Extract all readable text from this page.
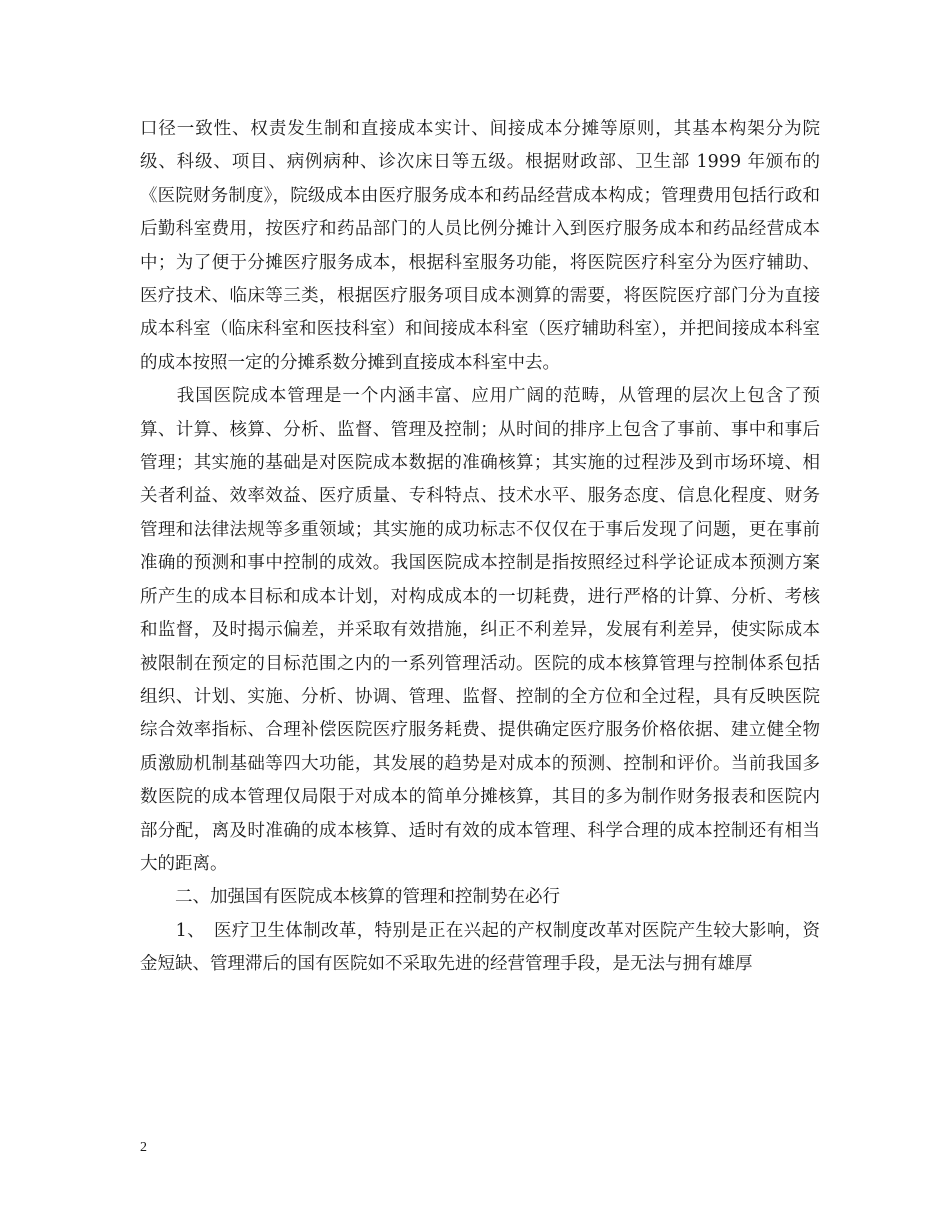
口径一致性、权责发生制和直接成本实计、间接成本分摊等原则，其基本构架分为院级、科级、项目、病例病种、诊次床日等五级。根据财政部、卫生部 1999 年颁布的《医院财务制度》，院级成本由医疗服务成本和药品经营成本构成；管理费用包括行政和后勤科室费用，按医疗和药品部门的人员比例分摊计入到医疗服务成本和药品经营成本中；为了便于分摊医疗服务成本，根据科室服务功能，将医院医疗科室分为医疗辅助、医疗技术、临床等三类，根据医疗服务项目成本测算的需要，将医院医疗部门分为直接成本科室（临床科室和医技科室）和间接成本科室（医疗辅助科室），并把间接成本科室的成本按照一定的分摊系数分摊到直接成本科室中去。

　　我国医院成本管理是一个内涵丰富、应用广阔的范畴，从管理的层次上包含了预算、计算、核算、分析、监督、管理及控制；从时间的排序上包含了事前、事中和事后管理；其实施的基础是对医院成本数据的准确核算；其实施的过程涉及到市场环境、相关者利益、效率效益、医疗质量、专科特点、技术水平、服务态度、信息化程度、财务管理和法律法规等多重领域；其实施的成功标志不仅仅在于事后发现了问题，更在事前准确的预测和事中控制的成效。我国医院成本控制是指按照经过科学论证成本预测方案所产生的成本目标和成本计划，对构成成本的一切耗费，进行严格的计算、分析、考核和监督，及时揭示偏差，并采取有效措施，纠正不利差异，发展有利差异，使实际成本被限制在预定的目标范围之内的一系列管理活动。医院的成本核算管理与控制体系包括组织、计划、实施、分析、协调、管理、监督、控制的全方位和全过程，具有反映医院综合效率指标、合理补偿医院医疗服务耗费、提供确定医疗服务价格依据、建立健全物质激励机制基础等四大功能，其发展的趋势是对成本的预测、控制和评价。当前我国多数医院的成本管理仅局限于对成本的简单分摊核算，其目的多为制作财务报表和医院内部分配，离及时准确的成本核算、适时有效的成本管理、科学合理的成本控制还有相当大的距离。

　　二、加强国有医院成本核算的管理和控制势在必行

　　1、　医疗卫生体制改革，特别是正在兴起的产权制度改革对医院产生较大影响，资金短缺、管理滞后的国有医院如不采取先进的经营管理手段，是无法与拥有雄厚

2
